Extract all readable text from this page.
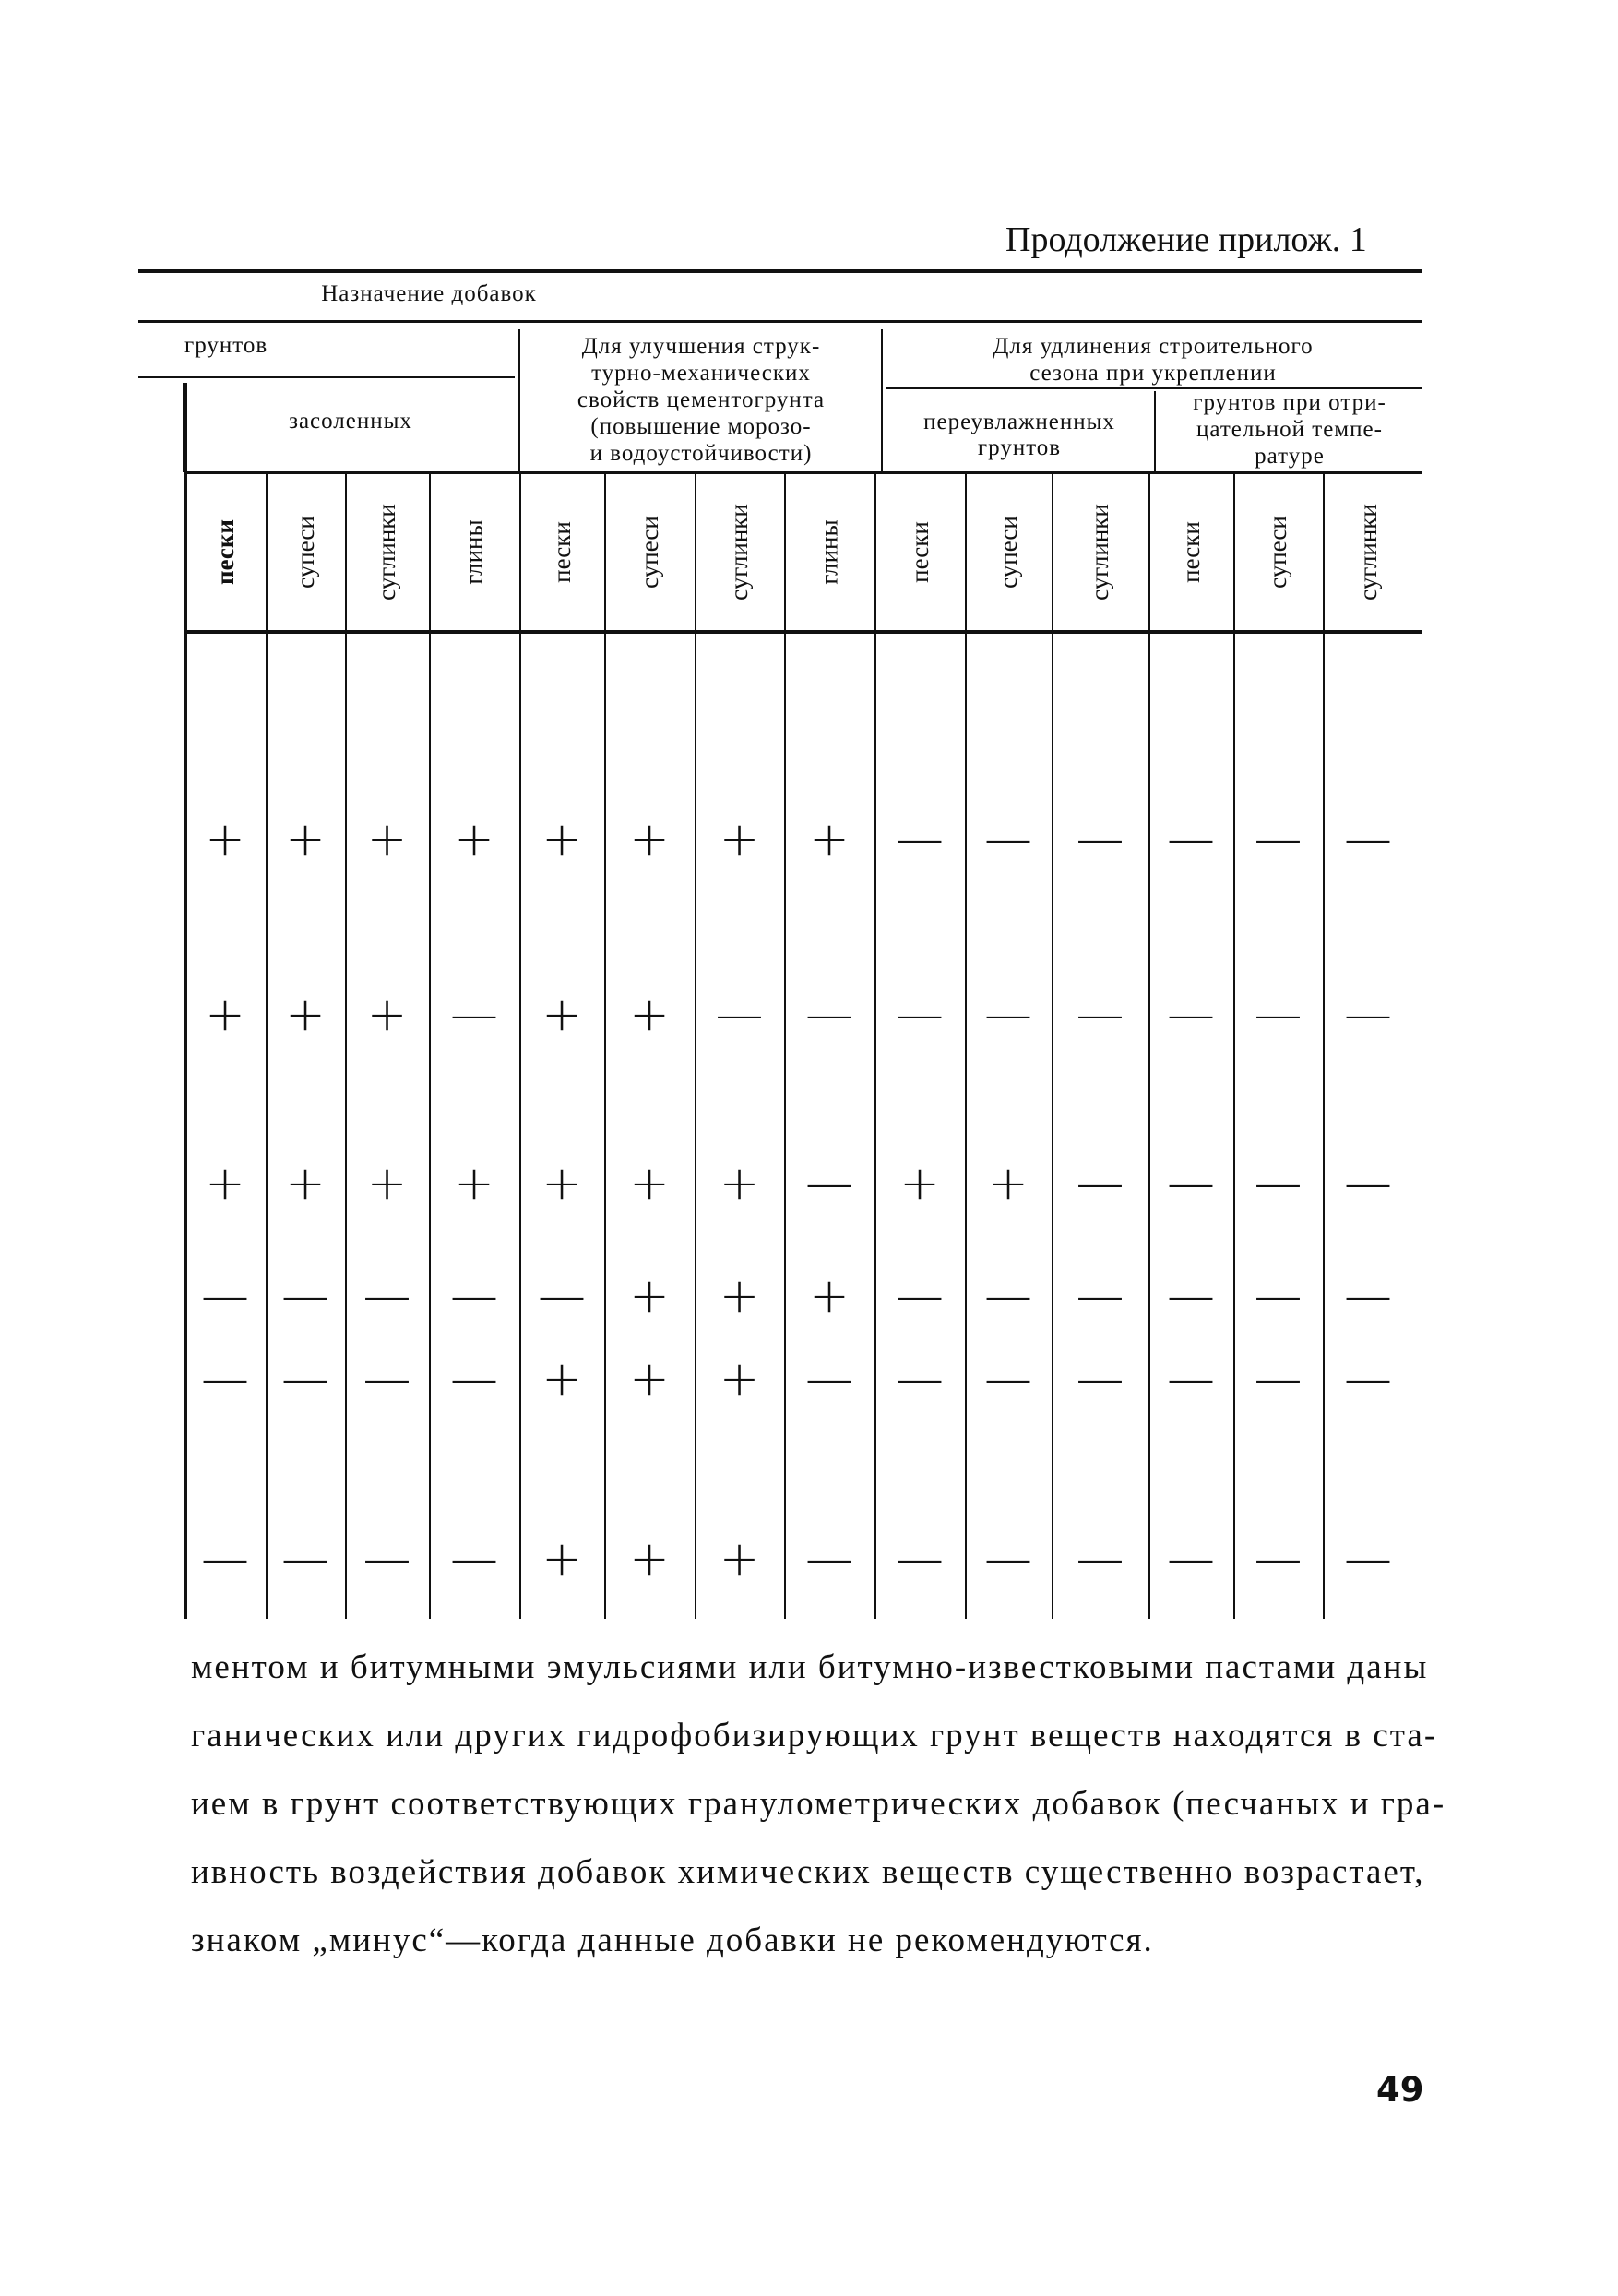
Продолжение прилож. 1
Назначение добавок
грунтов
засоленных
Для улучшения струк-
турно-механических
свойств цементогрунта
(повышение морозо-
и водоустойчивости)
Для удлинения строительного
сезона при укреплении
переувлажненных
грунтов
грунтов при отри-
цательной темпе-
ратуре
пески супеси суглинки глины пески супеси	суглинки	глины	пески супеси	суглинки	пески супеси	суглинки
+ + + + + +	+	+ — — — — — —
+ + + — + + — — — — — — — —
+ + + + + +	+ — +	+ — — — —
— — — — — +	+	+ — — — — — —
— — — — + +	+ — — — — — — —
— — — — + +	+ — — — — — — —
ментом и битумными эмульсиями или битумно-известковыми пастами даны
ганических или других гидрофобизирующих грунт веществ находятся в ста-
ием в грунт соответствующих гранулометрических добавок (песчаных и гра-
ивность воздействия добавок химических веществ существенно возрастает,
знаком „минус“—когда данные добавки не рекомендуются.
49
